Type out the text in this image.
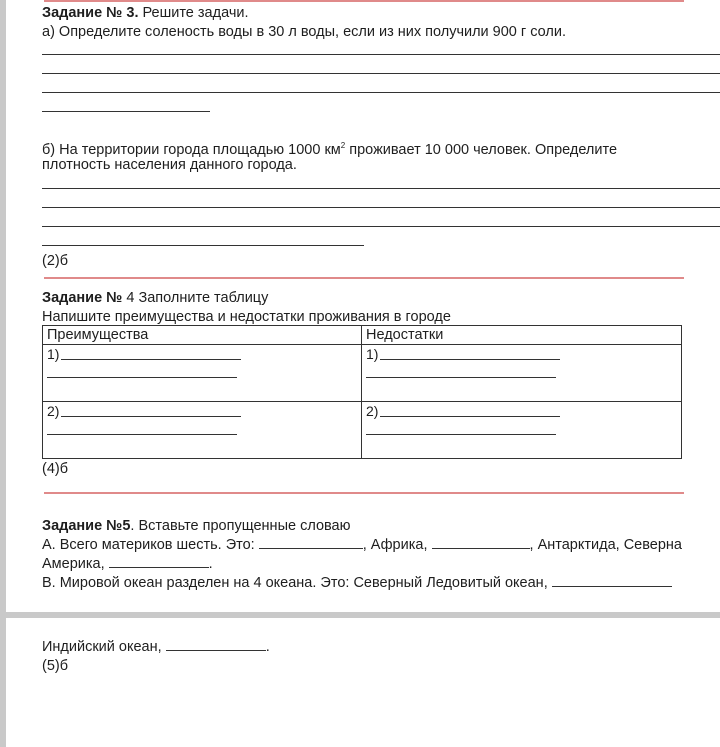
Задание № 3. Решите задачи.
а) Определите соленость воды в 30 л воды, если из них получили 900 г соли.
б) На территории города площадью 1000 $км^2$ проживает 10 000 человек. Определите
плотность населения данного города.
(2)б
Задание № 4 Заполните таблицу
Напишите преимущества и недостатки проживания в городе
Преимущества	Недостатки

1)	1)

2)	2)
(4)б
Задание №5. Вставьте пропущенные словаю
А. Всего материков шесть. Это:	, Африка,	, Антарктида, Северна
Америка,	.
В. Мировой океан разделен на 4 океана. Это: Северный Ледовитый океан,
Индийский океан,	.
(5)б
